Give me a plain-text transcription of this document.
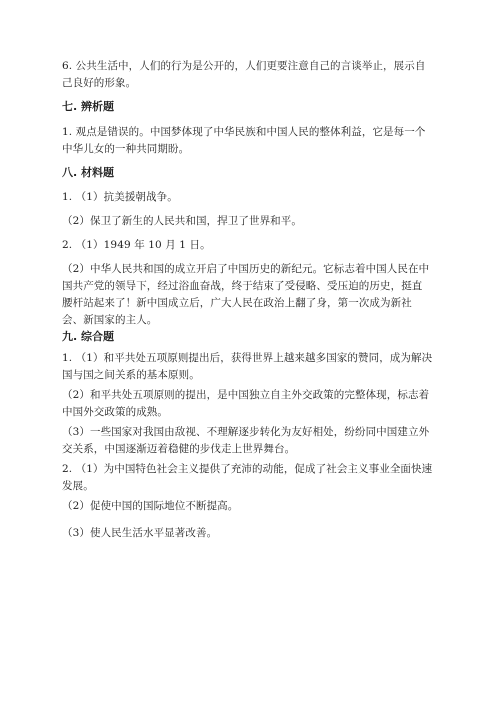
6. 公共生活中，人们的行为是公开的，人们更要注意自己的言谈举止，展示自
己良好的形象。
七. 辨析题
1. 观点是错误的。中国梦体现了中华民族和中国人民的整体利益，它是每一个
中华儿女的一种共同期盼。
八. 材料题
1. （1）抗美援朝战争。
（2）保卫了新生的人民共和国，捍卫了世界和平。
2. （1）1949 年 10 月 1 日。
（2）中华人民共和国的成立开启了中国历史的新纪元。它标志着中国人民在中
国共产党的领导下，经过浴血奋战，终于结束了受侵略、受压迫的历史，挺直
腰杆站起来了！新中国成立后，广大人民在政治上翻了身，第一次成为新社
会、新国家的主人。
九. 综合题
1. （1）和平共处五项原则提出后，获得世界上越来越多国家的赞同，成为解决
国与国之间关系的基本原则。
（2）和平共处五项原则的提出，是中国独立自主外交政策的完整体现，标志着
中国外交政策的成熟。
（3）一些国家对我国由敌视、不理解逐步转化为友好相处，纷纷同中国建立外
交关系，中国逐渐迈着稳健的步伐走上世界舞台。
2. （1）为中国特色社会主义提供了充沛的动能，促成了社会主义事业全面快速
发展。
（2）促使中国的国际地位不断提高。
（3）使人民生活水平显著改善。
